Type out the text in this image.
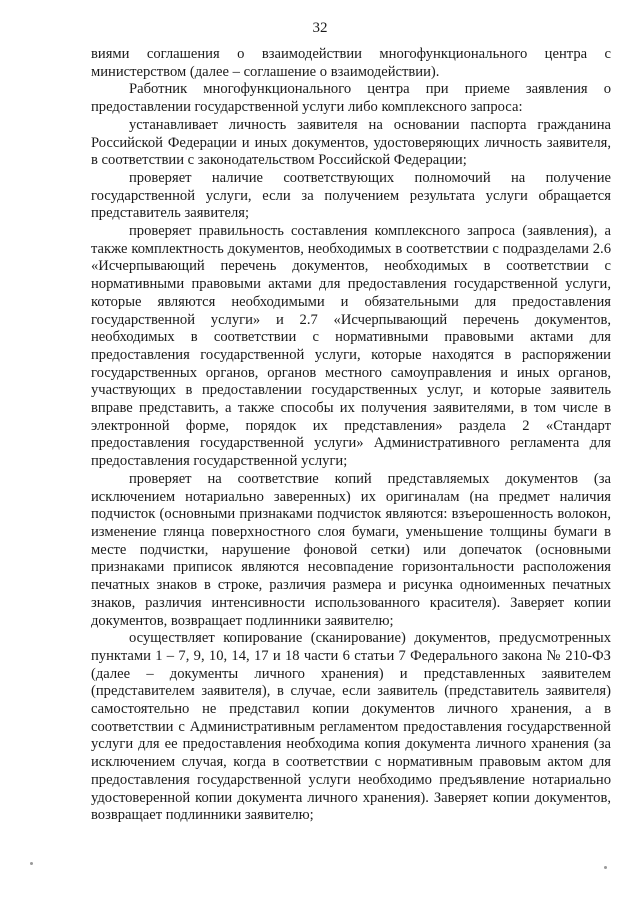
32

виями соглашения о взаимодействии многофункционального центра с министерством (далее – соглашение о взаимодействии).

Работник многофункционального центра при приеме заявления о предоставлении государственной услуги либо комплексного запроса:

устанавливает личность заявителя на основании паспорта гражданина Российской Федерации и иных документов, удостоверяющих личность заявителя, в соответствии с законодательством Российской Федерации;

проверяет наличие соответствующих полномочий на получение государственной услуги, если за получением результата услуги обращается представитель заявителя;

проверяет правильность составления комплексного запроса (заявления), а также комплектность документов, необходимых в соответствии с подразделами 2.6 «Исчерпывающий перечень документов, необходимых в соответствии с нормативными правовыми актами для предоставления государственной услуги, которые являются необходимыми и обязательными для предоставления государственной услуги» и 2.7 «Исчерпывающий перечень документов, необходимых в соответствии с нормативными правовыми актами для предоставления государственной услуги, которые находятся в распоряжении государственных органов, органов местного самоуправления и иных органов, участвующих в предоставлении государственных услуг, и которые заявитель вправе представить, а также способы их получения заявителями, в том числе в электронной форме, порядок их представления» раздела 2 «Стандарт предоставления государственной услуги» Административного регламента для предоставления государственной услуги;

проверяет на соответствие копий представляемых документов (за исключением нотариально заверенных) их оригиналам (на предмет наличия подчисток (основными признаками подчисток являются: взъерошенность волокон, изменение глянца поверхностного слоя бумаги, уменьшение толщины бумаги в месте подчистки, нарушение фоновой сетки) или допечаток (основными признаками приписок являются несовпадение горизонтальности расположения печатных знаков в строке, различия размера и рисунка одноименных печатных знаков, различия интенсивности использованного красителя). Заверяет копии документов, возвращает подлинники заявителю;

осуществляет копирование (сканирование) документов, предусмотренных пунктами 1 – 7, 9, 10, 14, 17 и 18 части 6 статьи 7 Федерального закона № 210-ФЗ (далее – документы личного хранения) и представленных заявителем (представителем заявителя), в случае, если заявитель (представитель заявителя) самостоятельно не представил копии документов личного хранения, а в соответствии с Административным регламентом предоставления государственной услуги для ее предоставления необходима копия документа личного хранения (за исключением случая, когда в соответствии с нормативным правовым актом для предоставления государственной услуги необходимо предъявление нотариально удостоверенной копии документа личного хранения). Заверяет копии документов, возвращает подлинники заявителю;
